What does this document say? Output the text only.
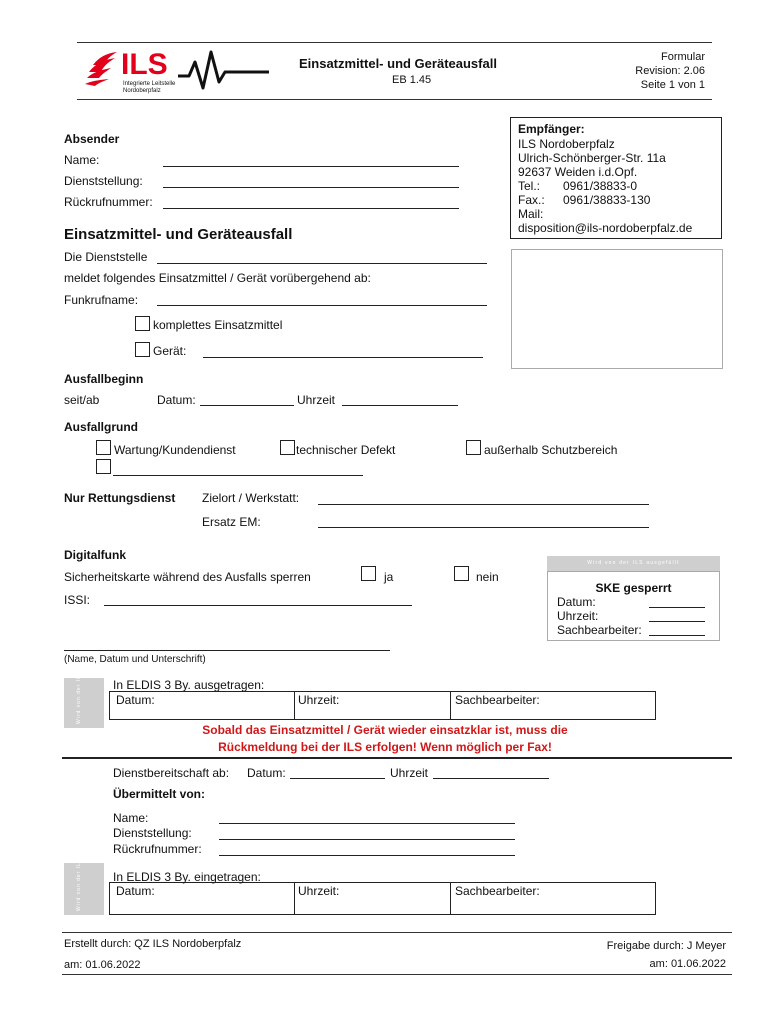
ILS
Integrierte Leitstelle
Nordoberpfalz
Einsatzmittel- und Geräteausfall
EB 1.45
Formular
Revision: 2.06
Seite 1 von 1
Absender
Name:
Dienststellung:
Rückrufnummer:
Empfänger:
ILS Nordoberpfalz
Ulrich-Schönberger-Str. 11a
92637 Weiden i.d.Opf.
Tel.: 0961/38833-0
Fax.: 0961/38833-130
Mail:
disposition@ils-nordoberpfalz.de
Einsatzmittel- und Geräteausfall
Die Dienststelle
meldet folgendes Einsatzmittel / Gerät vorübergehend ab:
Funkrufname:
komplettes Einsatzmittel
Gerät:
Ausfallbeginn
seit/ab	Datum:	Uhrzeit
Ausfallgrund
Wartung/Kundendienst	technischer Defekt	außerhalb Schutzbereich
Nur Rettungsdienst Zielort / Werkstatt:
Ersatz EM:
Digitalfunk
Sicherheitskarte während des Ausfalls sperren	ja	nein
ISSI:
Wird von der ILS ausgefüllt
SKE gesperrt
Datum:
Uhrzeit:
Sachbearbeiter:
(Name, Datum und Unterschrift)
Wird von der ILS ausgefüllt	In ELDIS 3 By. ausgetragen:
Datum:	Uhrzeit:	Sachbearbeiter:
Sobald das Einsatzmittel / Gerät wieder einsatzklar ist, muss die
Rückmeldung bei der ILS erfolgen! Wenn möglich per Fax!
Dienstbereitschaft ab: Datum:	Uhrzeit
Übermittelt von:
Name:
Dienststellung:
Rückrufnummer:
Wird von der ILS ausgefüllt	In ELDIS 3 By. eingetragen:
Datum:	Uhrzeit:	Sachbearbeiter:
Erstellt durch: QZ ILS Nordoberpfalz
am: 01.06.2022
Freigabe durch: J Meyer
am: 01.06.2022
